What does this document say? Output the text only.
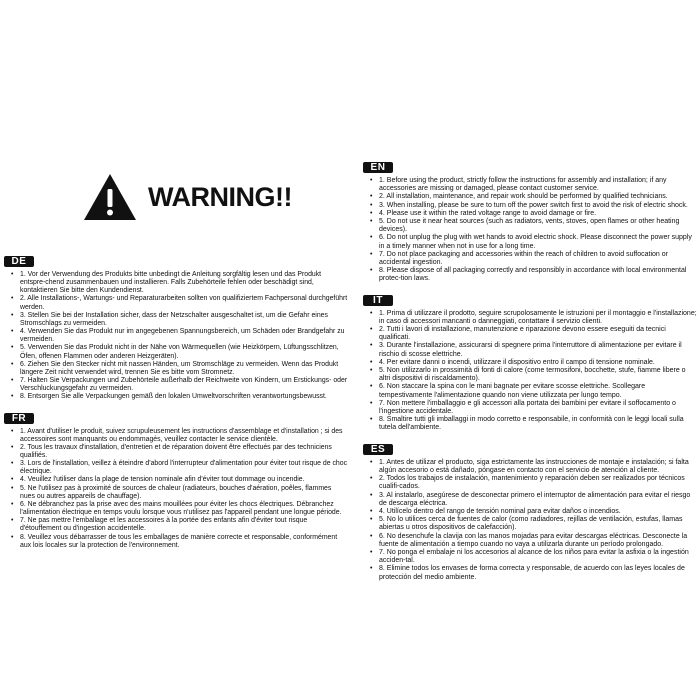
WARNING!!
DE
• 1. Vor der Verwendung des Produkts bitte unbedingt die Anleitung sorgfältig lesen und das Produkt entspre-chend zusammenbauen und installieren. Falls Zubehörteile fehlen oder beschädigt sind, kontaktieren Sie bitte den Kundendienst.
• 2. Alle Installations-, Wartungs- und Reparaturarbeiten sollten von qualifiziertem Fachpersonal durchgeführt werden.
• 3. Stellen Sie bei der Installation sicher, dass der Netzschalter ausgeschaltet ist, um die Gefahr eines Stromschlags zu vermeiden.
• 4. Verwenden Sie das Produkt nur im angegebenen Spannungsbereich, um Schäden oder Brandgefahr zu vermeiden.
• 5. Verwenden Sie das Produkt nicht in der Nähe von Wärmequellen (wie Heizkörpern, Lüftungsschlitzen, Öfen, offenen Flammen oder anderen Heizgeräten).
• 6. Ziehen Sie den Stecker nicht mit nassen Händen, um Stromschläge zu vermeiden. Wenn das Produkt längere Zeit nicht verwendet wird, trennen Sie es bitte vom Stromnetz.
• 7. Halten Sie Verpackungen und Zubehörteile außerhalb der Reichweite von Kindern, um Erstickungs- oder Verschluckungsgefahr zu vermeiden.
• 8. Entsorgen Sie alle Verpackungen gemäß den lokalen Umweltvorschriften verantwortungsbewusst.
FR
• 1. Avant d'utiliser le produit, suivez scrupuleusement les instructions d'assemblage et d'installation ; si des accessoires sont manquants ou endommagés, veuillez contacter le service clientèle.
• 2. Tous les travaux d'installation, d'entretien et de réparation doivent être effectués par des techniciens qualifiés.
• 3. Lors de l'installation, veillez à éteindre d'abord l'interrupteur d'alimentation pour éviter tout risque de choc électrique.
• 4. Veuillez l'utiliser dans la plage de tension nominale afin d'éviter tout dommage ou incendie.
• 5. Ne l'utilisez pas à proximité de sources de chaleur (radiateurs, bouches d'aération, poêles, flammes nues ou autres appareils de chauffage).
• 6. Ne débranchez pas la prise avec des mains mouillées pour éviter les chocs électriques. Débranchez l'alimentation électrique en temps voulu lorsque vous n'utilisez pas l'appareil pendant une longue période.
• 7. Ne pas mettre l'emballage et les accessoires à la portée des enfants afin d'éviter tout risque d'étouffement ou d'ingestion accidentelle.
• 8. Veuillez vous débarrasser de tous les emballages de manière correcte et responsable, conformément aux lois locales sur la protection de l'environnement.
EN
• 1. Before using the product, strictly follow the instructions for assembly and installation; if any accessories are missing or damaged, please contact customer service.
• 2. All installation, maintenance, and repair work should be performed by qualified technicians.
• 3. When installing, please be sure to turn off the power switch first to avoid the risk of electric shock.
• 4. Please use it within the rated voltage range to avoid damage or fire.
• 5. Do not use it near heat sources (such as radiators, vents, stoves, open flames or other heating devices).
• 6. Do not unplug the plug with wet hands to avoid electric shock. Please disconnect the power supply in a timely manner when not in use for a long time.
• 7. Do not place packaging and accessories within the reach of children to avoid suffocation or accidental ingestion.
• 8. Please dispose of all packaging correctly and responsibly in accordance with local environmental protec-tion laws.
IT
• 1. Prima di utilizzare il prodotto, seguire scrupolosamente le istruzioni per il montaggio e l'installazione; in caso di accessori mancanti o danneggiati, contattare il servizio clienti.
• 2. Tutti i lavori di installazione, manutenzione e riparazione devono essere eseguiti da tecnici qualificati.
• 3. Durante l'installazione, assicurarsi di spegnere prima l'interruttore di alimentazione per evitare il rischio di scosse elettriche.
• 4. Per evitare danni o incendi, utilizzare il dispositivo entro il campo di tensione nominale.
• 5. Non utilizzarlo in prossimità di fonti di calore (come termosifoni, bocchette, stufe, fiamme libere o altri dispositivi di riscaldamento).
• 6. Non staccare la spina con le mani bagnate per evitare scosse elettriche. Scollegare tempestivamente l'alimentazione quando non viene utilizzata per lungo tempo.
• 7. Non mettere l'imballaggio e gli accessori alla portata dei bambini per evitare il soffocamento o l'ingestione accidentale.
• 8. Smaltire tutti gli imballaggi in modo corretto e responsabile, in conformità con le leggi locali sulla tutela dell'ambiente.
ES
• 1. Antes de utilizar el producto, siga estrictamente las instrucciones de montaje e instalación; si falta algún accesorio o está dañado, póngase en contacto con el servicio de atención al cliente.
• 2. Todos los trabajos de instalación, mantenimiento y reparación deben ser realizados por técnicos cualifi-cados.
• 3. Al instalarlo, asegúrese de desconectar primero el interruptor de alimentación para evitar el riesgo de descarga eléctrica.
• 4. Utilícelo dentro del rango de tensión nominal para evitar daños o incendios.
• 5. No lo utilices cerca de fuentes de calor (como radiadores, rejillas de ventilación, estufas, llamas abiertas u otros dispositivos de calefacción).
• 6. No desenchufe la clavija con las manos mojadas para evitar descargas eléctricas. Desconecte la fuente de alimentación a tiempo cuando no vaya a utilizarla durante un período prolongado.
• 7. No ponga el embalaje ni los accesorios al alcance de los niños para evitar la asfixia o la ingestión acciden-tal.
• 8. Elimine todos los envases de forma correcta y responsable, de acuerdo con las leyes locales de protección del medio ambiente.
